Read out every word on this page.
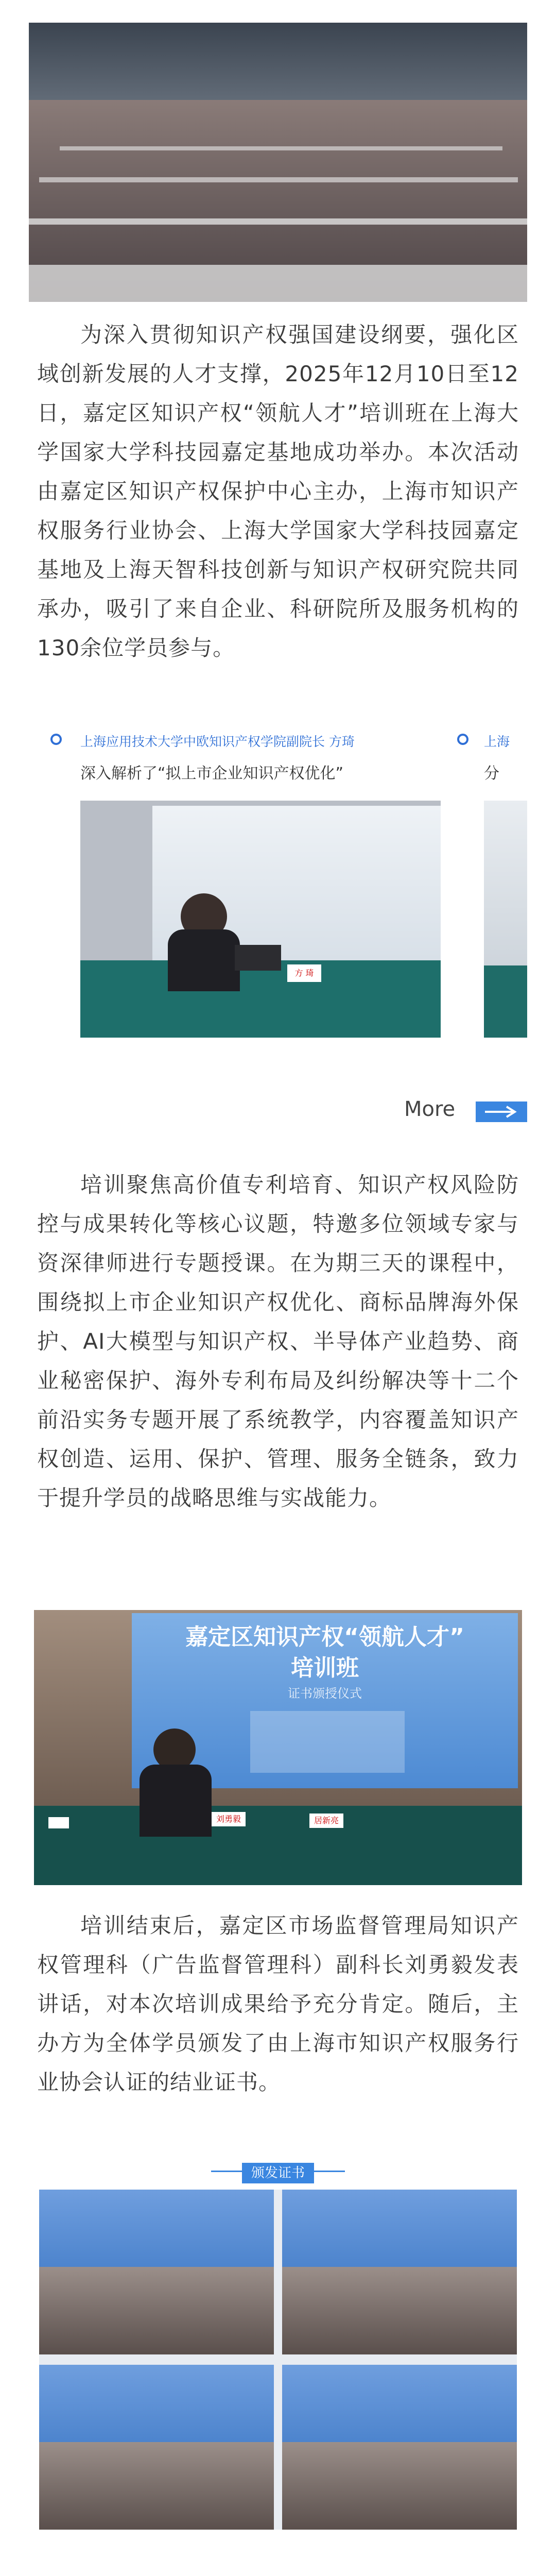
为深入贯彻知识产权强国建设纲要，强化区域创新发展的人才支撑，2025年12月10日至12日，嘉定区知识产权“领航人才”培训班在上海大学国家大学科技园嘉定基地成功举办。本次活动由嘉定区知识产权保护中心主办，上海市知识产权服务行业协会、上海大学国家大学科技园嘉定基地及上海天智科技创新与知识产权研究院共同承办，吸引了来自企业、科研院所及服务机构的130余位学员参与。

上海应用技术大学中欧知识产权学院副院长 方琦
深入解析了“拟上市企业知识产权优化”
上海
分
方 琦
More

培训聚焦高价值专利培育、知识产权风险防控与成果转化等核心议题，特邀多位领域专家与资深律师进行专题授课。在为期三天的课程中，围绕拟上市企业知识产权优化、商标品牌海外保护、AI大模型与知识产权、半导体产业趋势、商业秘密保护、海外专利布局及纠纷解决等十二个前沿实务专题开展了系统教学，内容覆盖知识产权创造、运用、保护、管理、服务全链条，致力于提升学员的战略思维与实战能力。

嘉定区知识产权“领航人才”
培训班
证书颁授仪式
刘勇毅	居新亮

培训结束后，嘉定区市场监督管理局知识产权管理科（广告监督管理科）副科长刘勇毅发表讲话，对本次培训成果给予充分肯定。随后，主办方为全体学员颁发了由上海市知识产权服务行业协会认证的结业证书。

颁发证书
